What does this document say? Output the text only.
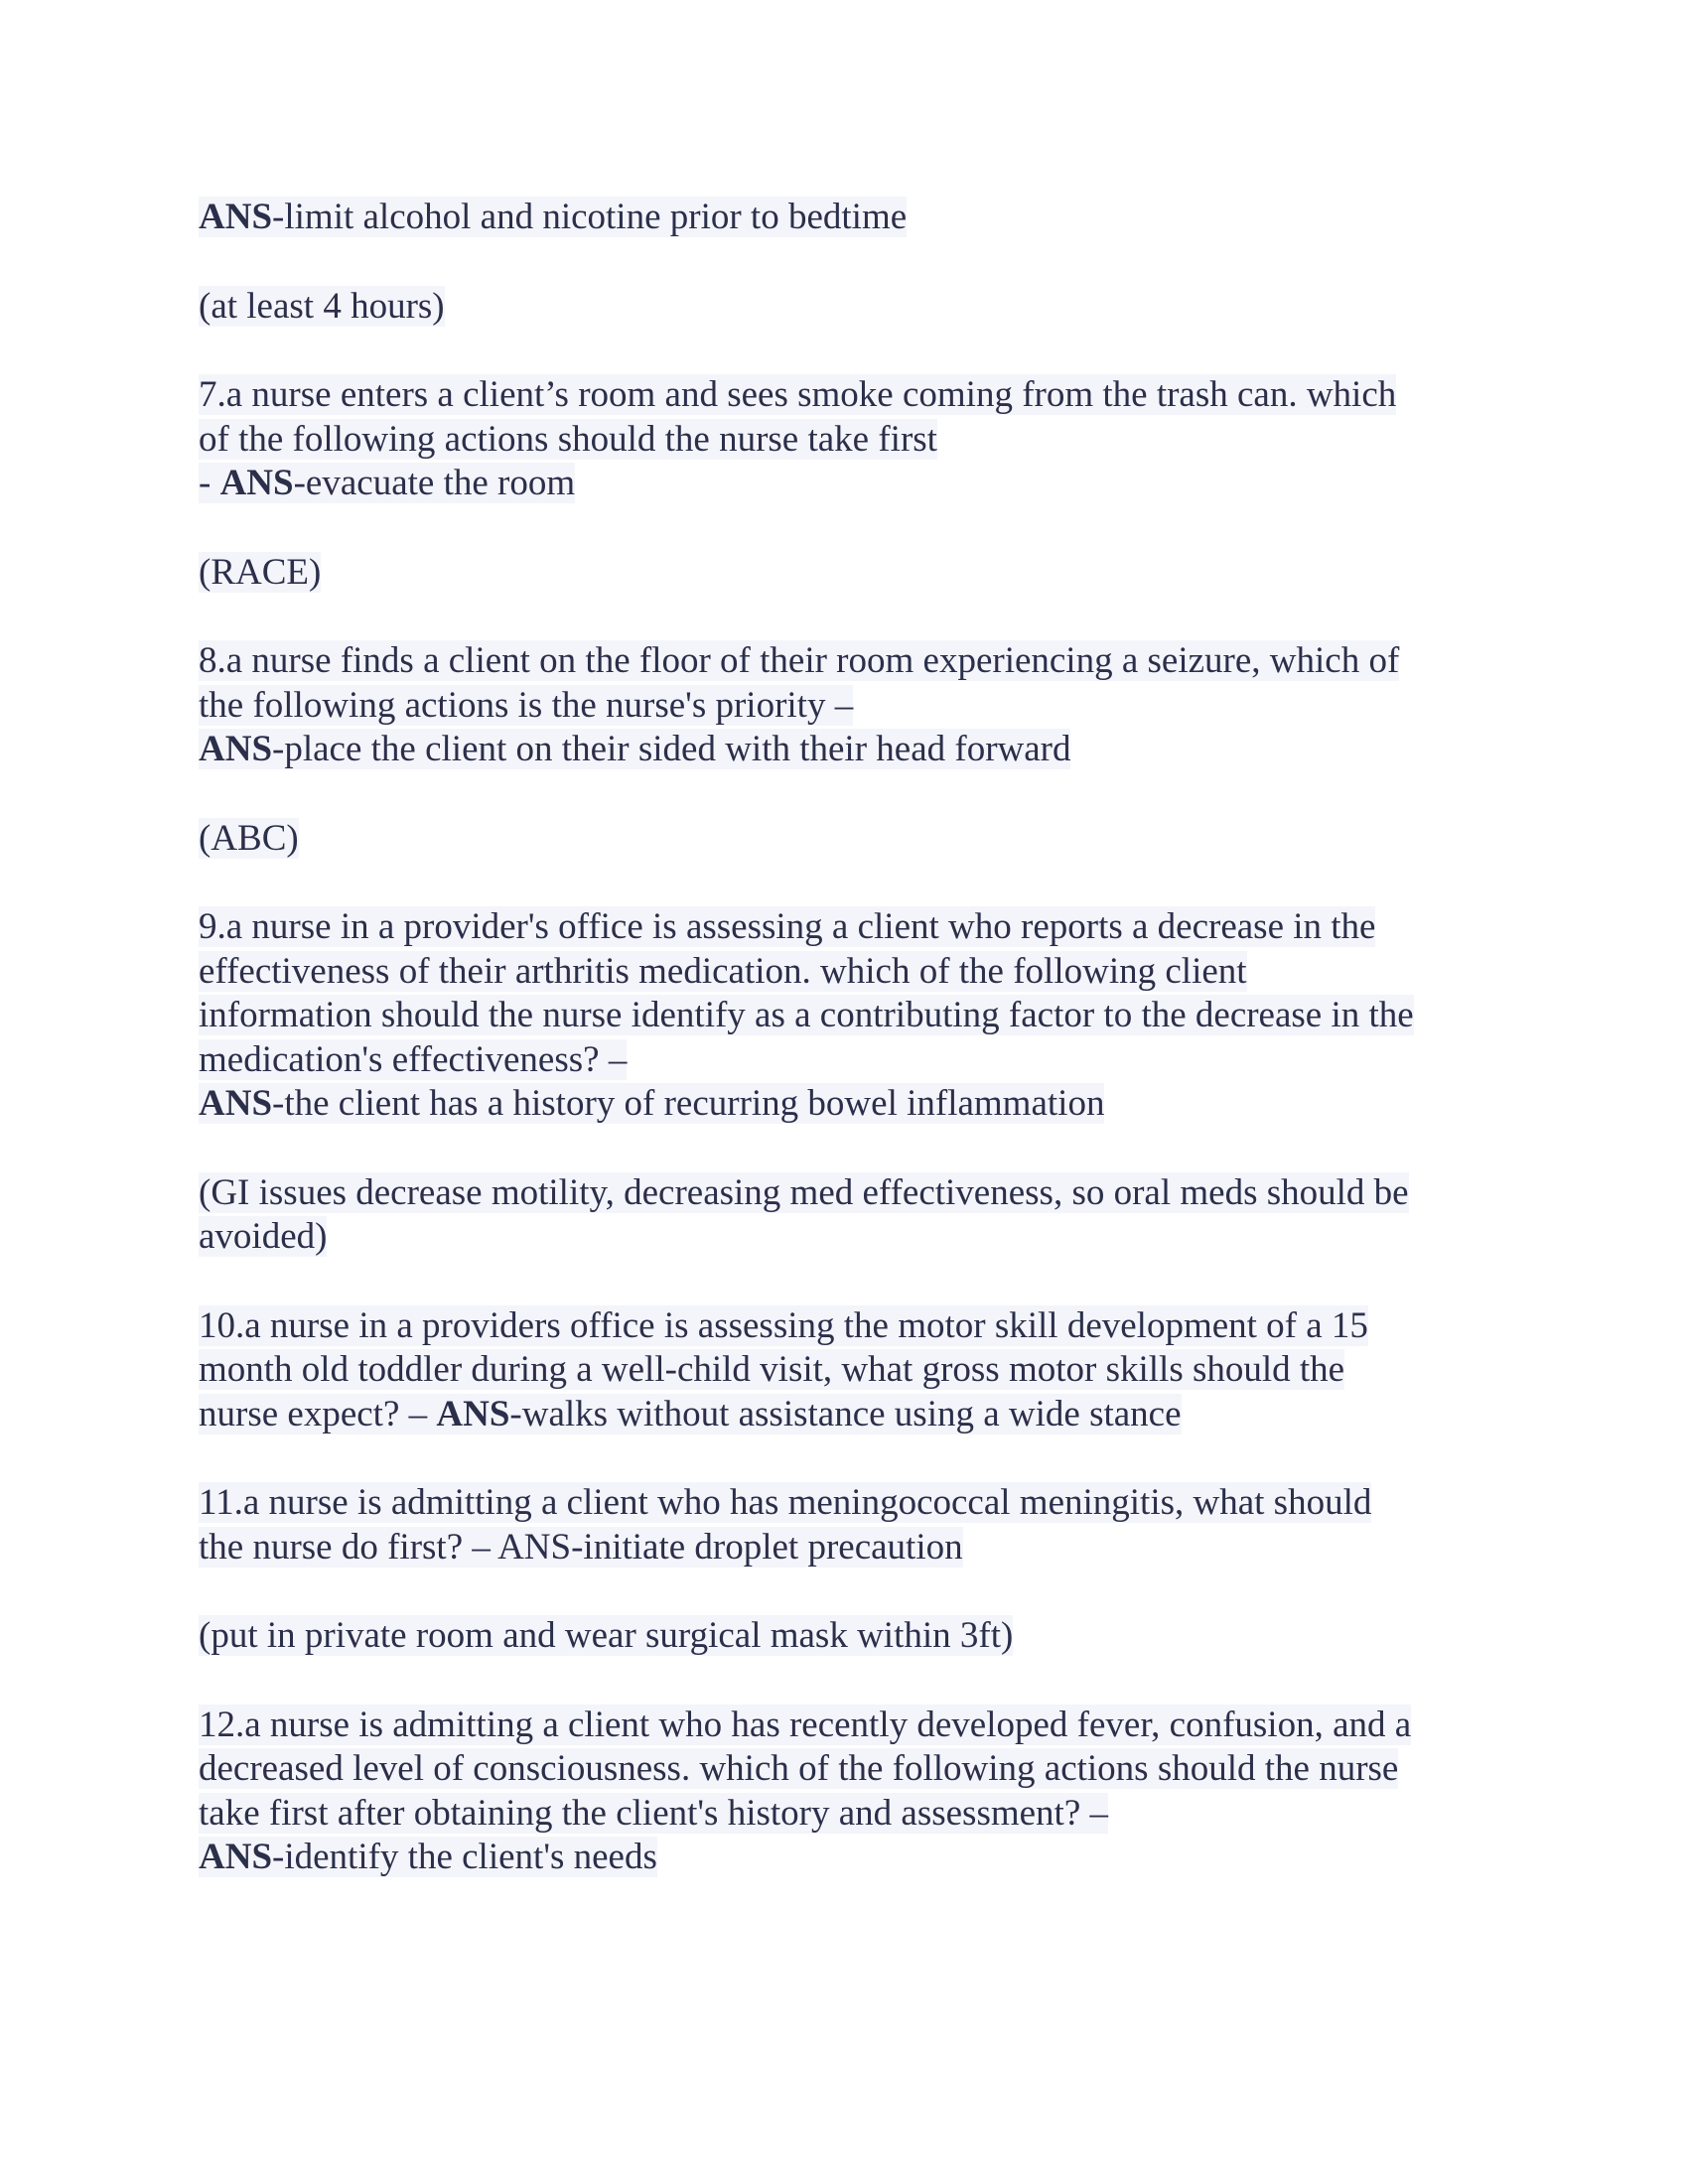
ANS-limit alcohol and nicotine prior to bedtime
(at least 4 hours)
7.a nurse enters a client’s room and sees smoke coming from the trash can. which
of the following actions should the nurse take first
- ANS-evacuate the room
(RACE)
8.a nurse finds a client on the floor of their room experiencing a seizure, which of
the following actions is the nurse's priority –
ANS-place the client on their sided with their head forward
(ABC)
9.a nurse in a provider's office is assessing a client who reports a decrease in the
effectiveness of their arthritis medication. which of the following client
information should the nurse identify as a contributing factor to the decrease in the
medication's effectiveness? –
ANS-the client has a history of recurring bowel inflammation
(GI issues decrease motility, decreasing med effectiveness, so oral meds should be
avoided)
10.a nurse in a providers office is assessing the motor skill development of a 15
month old toddler during a well-child visit, what gross motor skills should the
nurse expect? – ANS-walks without assistance using a wide stance
11.a nurse is admitting a client who has meningococcal meningitis, what should
the nurse do first? – ANS-initiate droplet precaution
(put in private room and wear surgical mask within 3ft)
12.a nurse is admitting a client who has recently developed fever, confusion, and a
decreased level of consciousness. which of the following actions should the nurse
take first after obtaining the client's history and assessment? –
ANS-identify the client's needs
